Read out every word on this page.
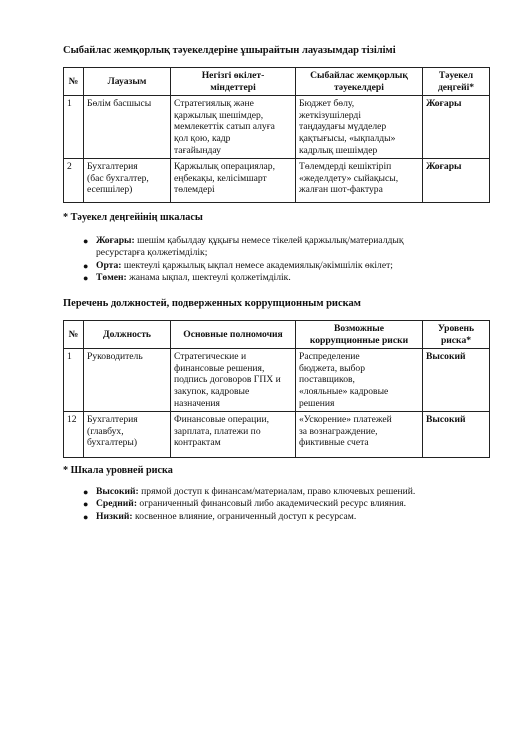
Сыбайлас жемқорлық тәуекелдеріне ұшырайтын лауазымдар тізілімі
№	Лауазым	Негізгі өкілет-
міндеттері	Сыбайлас жемқорлық
тәуекелдері	Тәуекел
деңгейі*
1	Бөлім басшысы	Стратегиялық және
қаржылық шешімдер,
мемлекеттік сатып алуға
қол қою, кадр
тағайындау	Бюджет бөлу,
жеткізушілерді
таңдаудағы мүдделер
қақтығысы, «ықпалды»
кадрлық шешімдер	Жоғары
2	Бухгалтерия
(бас бухгалтер,
есепшілер)	Қаржылық операциялар,
еңбекақы, келісімшарт
төлемдері	Төлемдерді кешіктіріп
«жеделдету» сыйақысы,
жалған шот-фактура	Жоғары
* Тәуекел деңгейінің шкаласы
● Жоғары: шешім қабылдау құқығы немесе тікелей қаржылық/материалдық
ресурстарға қолжетімділік;
● Орта: шектеулі қаржылық ықпал немесе академиялық/әкімшілік өкілет;
● Төмен: жанама ықпал, шектеулі қолжетімділік.
Перечень должностей, подверженных коррупционным рискам
№	Должность	Основные полномочия	Возможные
коррупционные риски	Уровень
риска*
1	Руководитель	Стратегические и
финансовые решения,
подпись договоров ГПХ и
закупок, кадровые
назначения	Распределение
бюджета, выбор
поставщиков,
«лояльные» кадровые
решения	Высокий
12	Бухгалтерия
(главбух,
бухгалтеры)	Финансовые операции,
зарплата, платежи по
контрактам	«Ускорение» платежей
за вознаграждение,
фиктивные счета	Высокий
* Шкала уровней риска
● Высокий: прямой доступ к финансам/материалам, право ключевых решений.
● Средний: ограниченный финансовый либо академический ресурс влияния.
● Низкий: косвенное влияние, ограниченный доступ к ресурсам.
